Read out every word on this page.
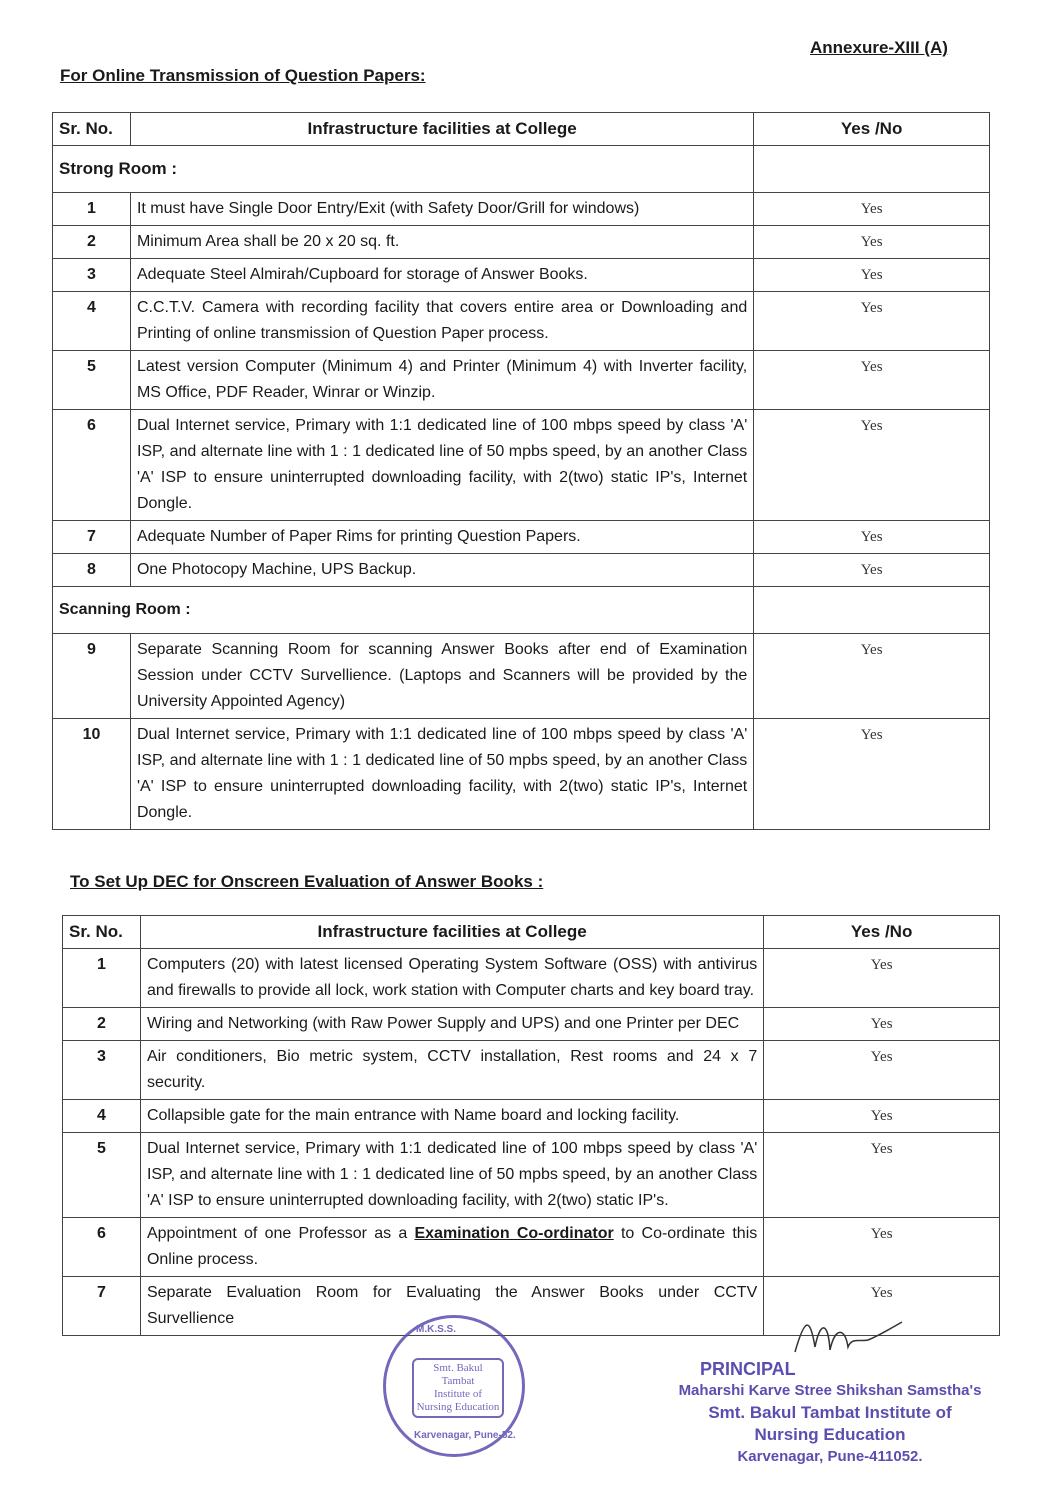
Annexure-XIII (A)
For Online Transmission of Question Papers:
Sr. No.	Infrastructure facilities at College	Yes /No
Strong Room :		
1	It must have Single Door Entry/Exit (with Safety Door/Grill for windows)	Yes
2	Minimum Area shall be 20 x 20 sq. ft.	Yes
3	Adequate Steel Almirah/Cupboard for storage of Answer Books.	Yes
4	C.C.T.V. Camera with recording facility that covers entire area or Downloading and Printing of online transmission of Question Paper process.	Yes
5	Latest version Computer (Minimum 4) and Printer (Minimum 4) with Inverter facility, MS Office, PDF Reader, Winrar or Winzip.	Yes
6	Dual Internet service, Primary with 1:1 dedicated line of 100 mbps speed by class 'A' ISP, and alternate line with 1 : 1 dedicated line of 50 mpbs speed, by an another Class 'A' ISP to ensure uninterrupted downloading facility, with 2(two) static IP's, Internet Dongle.	Yes
7	Adequate Number of Paper Rims for printing Question Papers.	Yes
8	One Photocopy Machine, UPS Backup.	Yes
Scanning Room :		
9	Separate Scanning Room for scanning Answer Books after end of Examination Session under CCTV Survellience. (Laptops and Scanners will be provided by the University Appointed Agency)	Yes
10	Dual Internet service, Primary with 1:1 dedicated line of 100 mbps speed by class 'A' ISP, and alternate line with 1 : 1 dedicated line of 50 mpbs speed, by an another Class 'A' ISP to ensure uninterrupted downloading facility, with 2(two) static IP's, Internet Dongle.	Yes
To Set Up DEC for Onscreen Evaluation of Answer Books :
Sr. No.	Infrastructure facilities at College	Yes /No
1	Computers (20) with latest licensed Operating System Software (OSS) with antivirus and firewalls to provide all lock, work station with Computer charts and key board tray.	Yes
2	Wiring and Networking (with Raw Power Supply and UPS) and one Printer per DEC	Yes
3	Air conditioners, Bio metric system, CCTV installation, Rest rooms and 24 x 7 security.	Yes
4	Collapsible gate for the main entrance with Name board and locking facility.	Yes
5	Dual Internet service, Primary with 1:1 dedicated line of 100 mbps speed by class 'A' ISP, and alternate line with 1 : 1 dedicated line of 50 mpbs speed, by an another Class 'A' ISP to ensure uninterrupted downloading facility, with 2(two) static IP's.	Yes
6	Appointment of one Professor as a Examination Co-ordinator to Co-ordinate this Online process.	Yes
7	Separate Evaluation Room for Evaluating the Answer Books under CCTV Survellience	Yes
M.K.S.S.
Smt. Bakul Tambat
Institute of
Nursing Education
Karvenagar, Pune-52.
PRINCIPAL
Maharshi Karve Stree Shikshan Samstha's
Smt. Bakul Tambat Institute of
Nursing Education
Karvenagar, Pune-411052.
